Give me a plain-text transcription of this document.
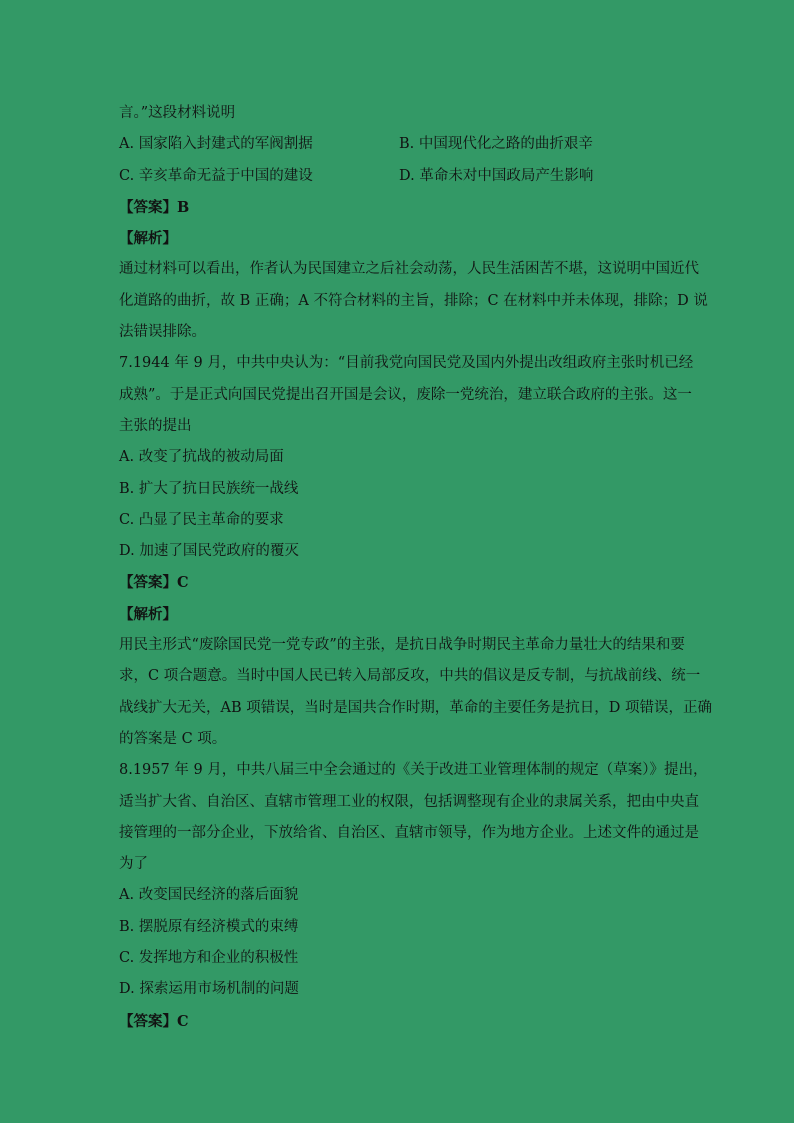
言。”这段材料说明
A. 国家陷入封建式的军阀割据	B. 中国现代化之路的曲折艰辛
C. 辛亥革命无益于中国的建设	D. 革命未对中国政局产生影响
【答案】B
【解析】
通过材料可以看出，作者认为民国建立之后社会动荡，人民生活困苦不堪，这说明中国近代
化道路的曲折，故 B 正确；A 不符合材料的主旨，排除；C 在材料中并未体现，排除；D 说
法错误排除。
7.1944 年 9 月，中共中央认为：“目前我党向国民党及国内外提出改组政府主张时机已经
成熟”。于是正式向国民党提出召开国是会议，废除一党统治，建立联合政府的主张。这一
主张的提出
A. 改变了抗战的被动局面
B. 扩大了抗日民族统一战线
C. 凸显了民主革命的要求
D. 加速了国民党政府的覆灭
【答案】C
【解析】
用民主形式“废除国民党一党专政”的主张，是抗日战争时期民主革命力量壮大的结果和要
求，C 项合题意。当时中国人民已转入局部反攻，中共的倡议是反专制，与抗战前线、统一
战线扩大无关，AB 项错误，当时是国共合作时期，革命的主要任务是抗日，D 项错误，正确
的答案是 C 项。
8.1957 年 9 月，中共八届三中全会通过的《关于改进工业管理体制的规定（草案）》提出，
适当扩大省、自治区、直辖市管理工业的权限，包括调整现有企业的隶属关系，把由中央直
接管理的一部分企业，下放给省、自治区、直辖市领导，作为地方企业。上述文件的通过是
为了
A. 改变国民经济的落后面貌
B. 摆脱原有经济模式的束缚
C. 发挥地方和企业的积极性
D. 探索运用市场机制的问题
【答案】C
